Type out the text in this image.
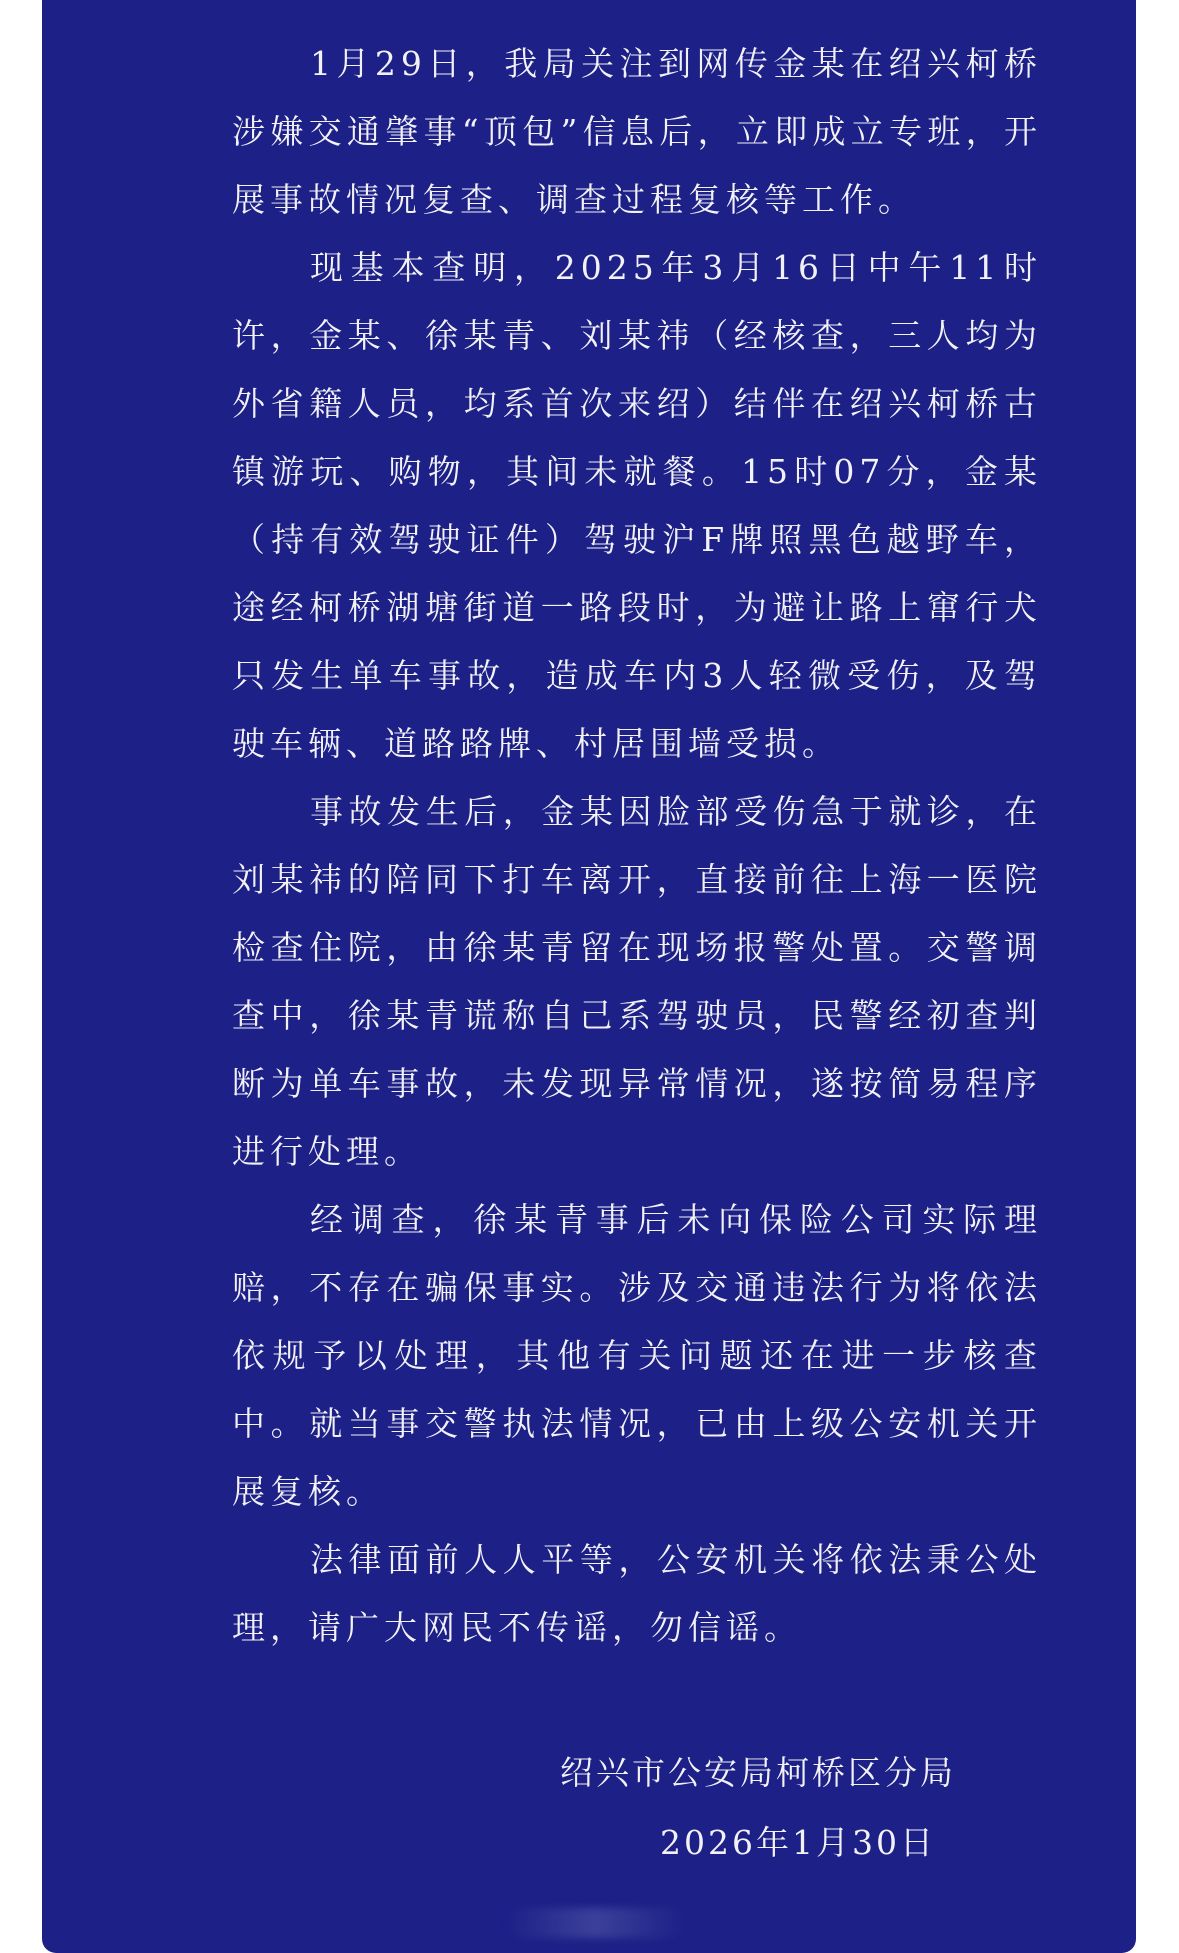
1月29日，我局关注到网传金某在绍兴柯桥涉嫌交通肇事“顶包”信息后，立即成立专班，开展事故情况复查、调查过程复核等工作。

现基本查明，2025年3月16日中午11时许，金某、徐某青、刘某祎（经核查，三人均为外省籍人员，均系首次来绍）结伴在绍兴柯桥古镇游玩、购物，其间未就餐。15时07分，金某（持有效驾驶证件）驾驶沪F牌照黑色越野车，途经柯桥湖塘街道一路段时，为避让路上窜行犬只发生单车事故，造成车内3人轻微受伤，及驾驶车辆、道路路牌、村居围墙受损。

事故发生后，金某因脸部受伤急于就诊，在刘某祎的陪同下打车离开，直接前往上海一医院检查住院，由徐某青留在现场报警处置。交警调查中，徐某青谎称自己系驾驶员，民警经初查判断为单车事故，未发现异常情况，遂按简易程序进行处理。

经调查，徐某青事后未向保险公司实际理赔，不存在骗保事实。涉及交通违法行为将依法依规予以处理，其他有关问题还在进一步核查中。就当事交警执法情况，已由上级公安机关开展复核。

法律面前人人平等，公安机关将依法秉公处理，请广大网民不传谣，勿信谣。

绍兴市公安局柯桥区分局
2026年1月30日
